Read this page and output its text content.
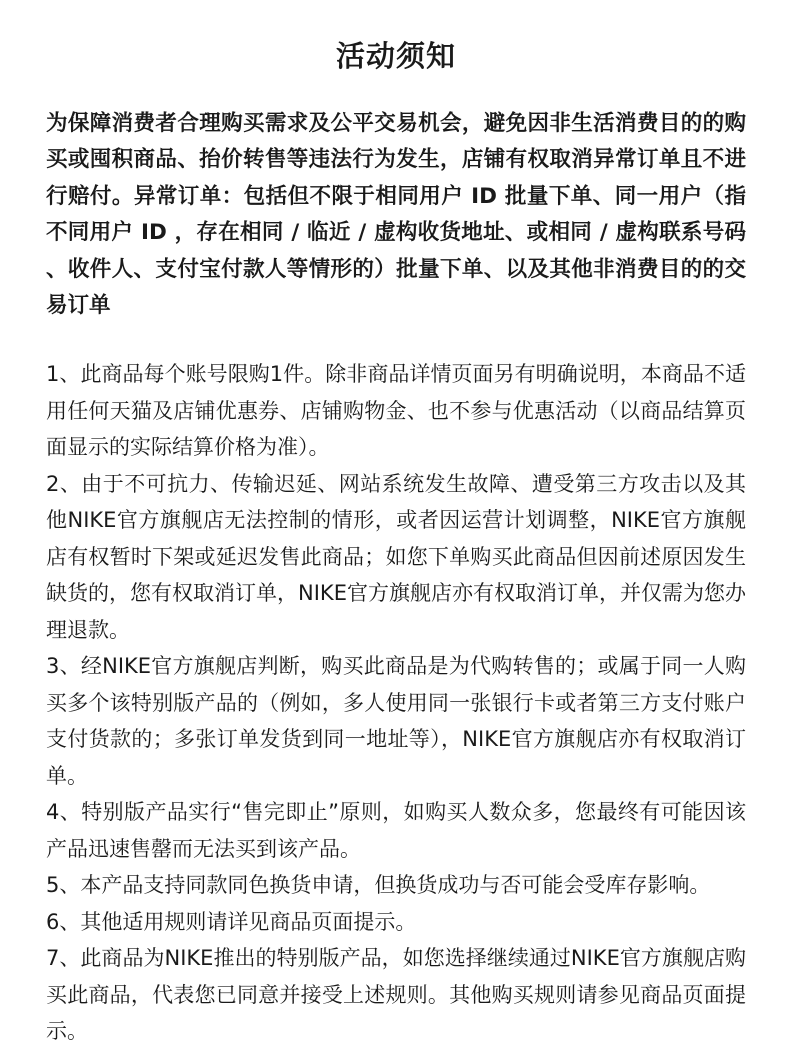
活动须知

为保障消费者合理购买需求及公平交易机会，避免因非生活消费目的的购买或囤积商品、抬价转售等违法行为发生，店铺有权取消异常订单且不进行赔付。异常订单：包括但不限于相同用户 ID 批量下单、同一用户（指不同用户 ID ，存在相同 / 临近 / 虚构收货地址、或相同 / 虚构联系号码 、收件人、支付宝付款人等情形的）批量下单、以及其他非消费目的的交易订单

1、此商品每个账号限购1件。除非商品详情页面另有明确说明，本商品不适用任何天猫及店铺优惠券、店铺购物金、也不参与优惠活动（以商品结算页面显示的实际结算价格为准）。
2、由于不可抗力、传输迟延、网站系统发生故障、遭受第三方攻击以及其他NIKE官方旗舰店无法控制的情形，或者因运营计划调整，NIKE官方旗舰店有权暂时下架或延迟发售此商品；如您下单购买此商品但因前述原因发生缺货的，您有权取消订单，NIKE官方旗舰店亦有权取消订单，并仅需为您办理退款。
3、经NIKE官方旗舰店判断，购买此商品是为代购转售的；或属于同一人购买多个该特别版产品的（例如，多人使用同一张银行卡或者第三方支付账户支付货款的；多张订单发货到同一地址等），NIKE官方旗舰店亦有权取消订单。
4、特别版产品实行“售完即止”原则，如购买人数众多，您最终有可能因该产品迅速售罄而无法买到该产品。
5、本产品支持同款同色换货申请，但换货成功与否可能会受库存影响。
6、其他适用规则请详见商品页面提示。
7、此商品为NIKE推出的特别版产品，如您选择继续通过NIKE官方旗舰店购买此商品，代表您已同意并接受上述规则。其他购买规则请参见商品页面提示。
